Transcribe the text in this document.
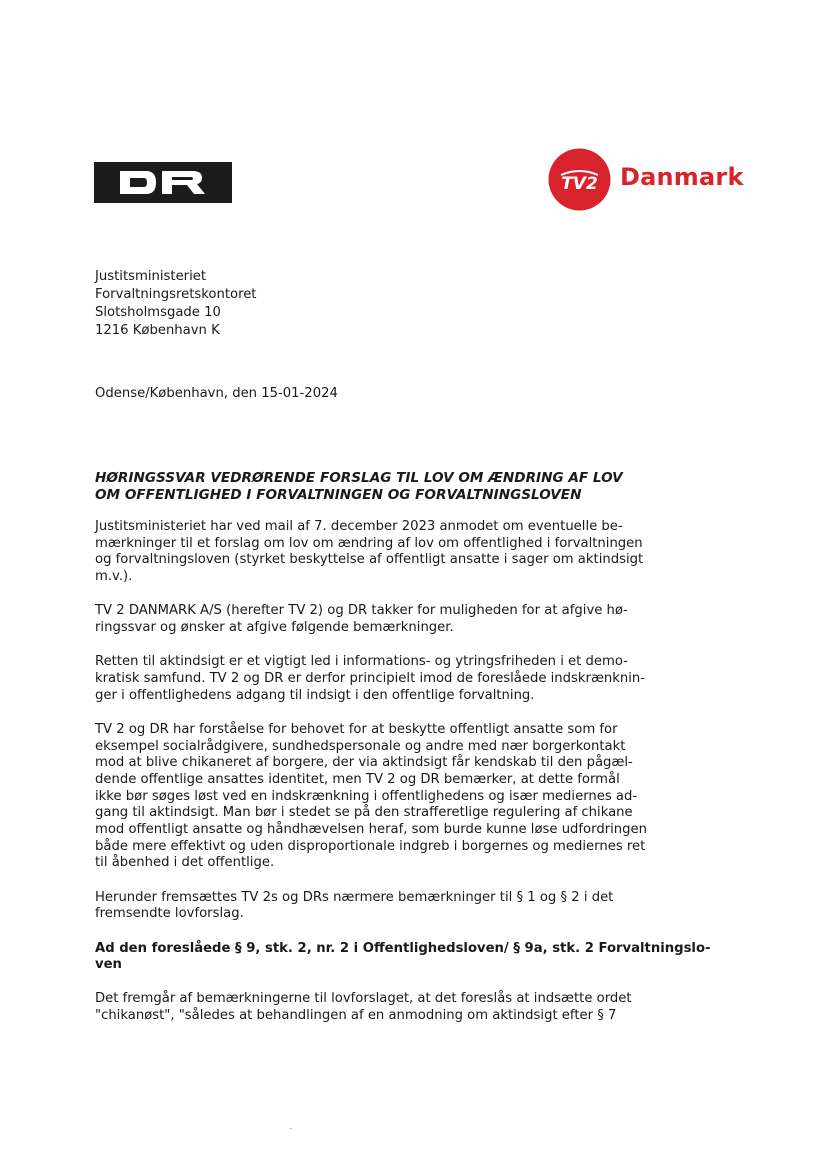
TV2 Danmark
Justitsministeriet
Forvaltningsretskontoret
Slotsholmsgade 10
1216 København K
Odense/København, den 15-01-2024
HØRINGSSVAR VEDRØRENDE FORSLAG TIL LOV OM ÆNDRING AF LOV
OM OFFENTLIGHED I FORVALTNINGEN OG FORVALTNINGSLOVEN
Justitsministeriet har ved mail af 7. december 2023 anmodet om eventuelle be-
mærkninger til et forslag om lov om ændring af lov om offentlighed i forvaltningen
og forvaltningsloven (styrket beskyttelse af offentligt ansatte i sager om aktindsigt
m.v.).
TV 2 DANMARK A/S (herefter TV 2) og DR takker for muligheden for at afgive hø-
ringssvar og ønsker at afgive følgende bemærkninger.
Retten til aktindsigt er et vigtigt led i informations- og ytringsfriheden i et demo-
kratisk samfund. TV 2 og DR er derfor principielt imod de foreslåede indskrænknin-
ger i offentlighedens adgang til indsigt i den offentlige forvaltning.
TV 2 og DR har forståelse for behovet for at beskytte offentligt ansatte som for
eksempel socialrådgivere, sundhedspersonale og andre med nær borgerkontakt
mod at blive chikaneret af borgere, der via aktindsigt får kendskab til den pågæl-
dende offentlige ansattes identitet, men TV 2 og DR bemærker, at dette formål
ikke bør søges løst ved en indskrænkning i offentlighedens og især mediernes ad-
gang til aktindsigt. Man bør i stedet se på den strafferetlige regulering af chikane
mod offentligt ansatte og håndhævelsen heraf, som burde kunne løse udfordringen
både mere effektivt og uden disproportionale indgreb i borgernes og mediernes ret
til åbenhed i det offentlige.
Herunder fremsættes TV 2s og DRs nærmere bemærkninger til § 1 og § 2 i det
fremsendte lovforslag.
Ad den foreslåede § 9, stk. 2, nr. 2 i Offentlighedsloven/ § 9a, stk. 2 Forvaltningslo-
ven
Det fremgår af bemærkningerne til lovforslaget, at det foreslås at indsætte ordet
"chikanøst", "således at behandlingen af en anmodning om aktindsigt efter § 7
